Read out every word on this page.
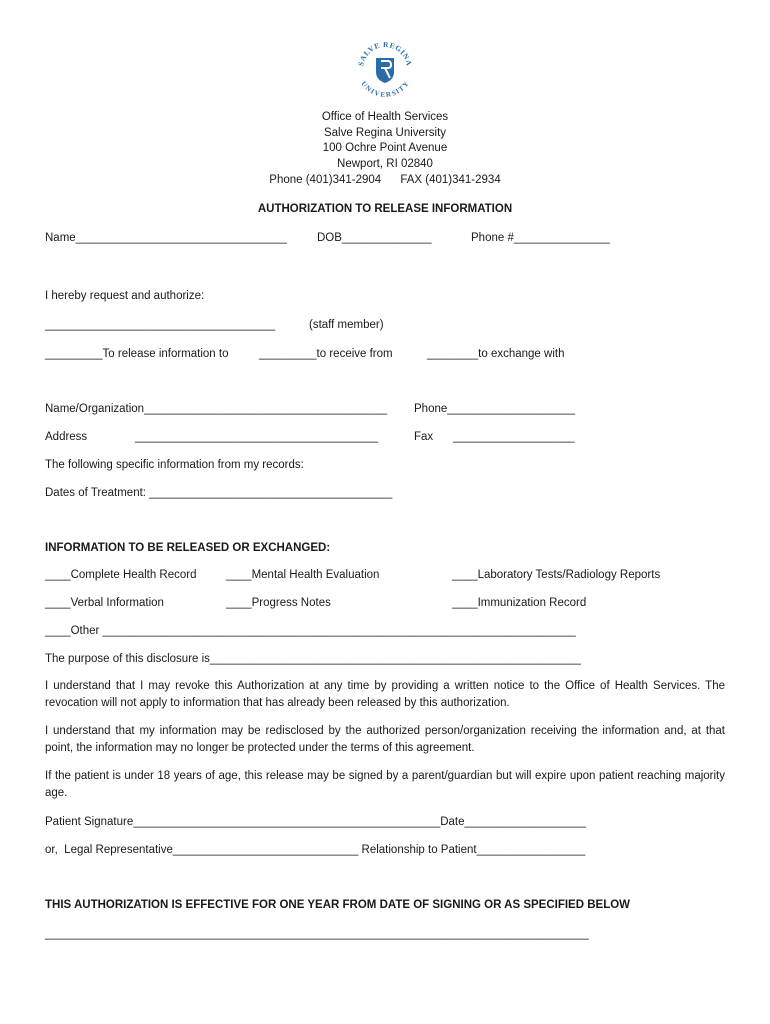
SALVE REGINA
UNIVERSITY
Office of Health Services
Salve Regina University
100 Ochre Point Avenue
Newport, RI 02840
Phone (401)341-2904      FAX (401)341-2934
AUTHORIZATION TO RELEASE INFORMATION
Name_________________________________	DOB______________	Phone #_______________
I hereby request and authorize:
____________________________________	(staff member)
_________To release information to	_________to receive from	________to exchange with
Name/Organization______________________________________ Phone____________________
Address	______________________________________	Fax ___________________
The following specific information from my records:
Dates of Treatment: ______________________________________
INFORMATION TO BE RELEASED OR EXCHANGED:
____Complete Health Record	____Mental Health Evaluation	____Laboratory Tests/Radiology Reports
____Verbal Information	____Progress Notes	____Immunization Record
____Other __________________________________________________________________________
The purpose of this disclosure is__________________________________________________________
I understand that I may revoke this Authorization at any time by providing a written notice to the Office of Health Services. The revocation will not apply to information that has already been released by this authorization.
I understand that my information may be redisclosed by the authorized person/organization receiving the information and, at that point, the information may no longer be protected under the terms of this agreement.
If the patient is under 18 years of age, this release may be signed by a parent/guardian but will expire upon patient reaching majority age.
Patient Signature________________________________________________Date___________________
or,  Legal Representative_____________________________ Relationship to Patient_________________
THIS AUTHORIZATION IS EFFECTIVE FOR ONE YEAR FROM DATE OF SIGNING OR AS SPECIFIED BELOW
_____________________________________________________________________________________
